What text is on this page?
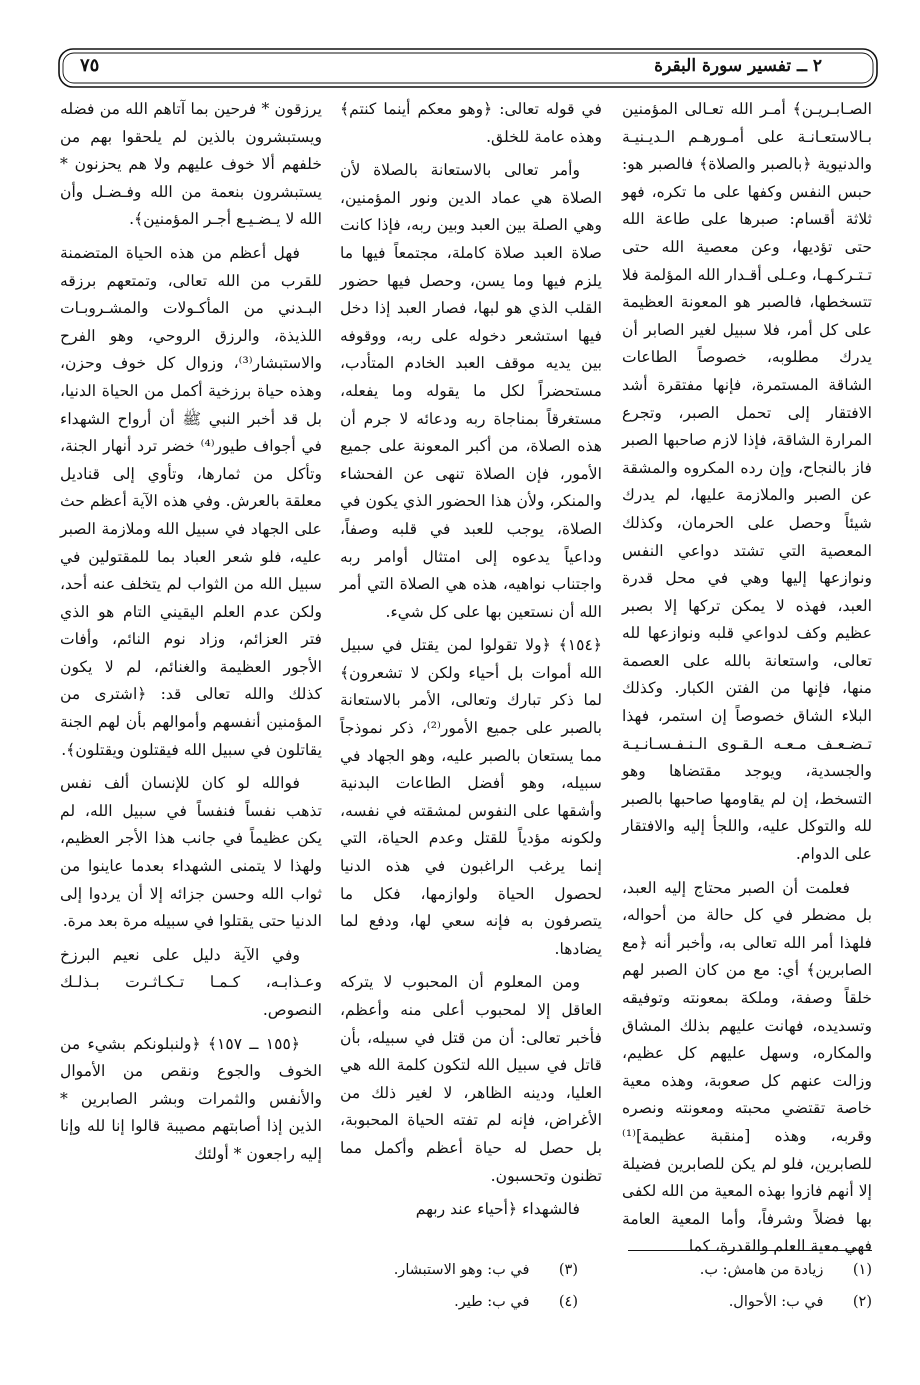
٢ ــ تفسير سورة البقرة
٧٥

الصـابـريـن﴾ أمـر الله تعـالى المؤمنين بـالاستعـانـة على أمـورهـم الـديـنيـة والدنيوية ﴿بالصبر والصلاة﴾ فالصبر هو: حبس النفس وكفها على ما تكره، فهو ثلاثة أقسام: صبرها على طاعة الله حتى تؤديها، وعن معصية الله حتى تـتـركـهـا، وعـلى أقـدار الله المؤلمة فلا تتسخطها، فالصبر هو المعونة العظيمة على كل أمر، فلا سبيل لغير الصابر أن يدرك مطلوبه، خصوصاً الطاعات الشاقة المستمرة، فإنها مفتقرة أشد الافتقار إلى تحمل الصبر، وتجرع المرارة الشاقة، فإذا لازم صاحبها الصبر فاز بالنجاح، وإن رده المكروه والمشقة عن الصبر والملازمة عليها، لم يدرك شيئاً وحصل على الحرمان، وكذلك المعصية التي تشتد دواعي النفس ونوازعها إليها وهي في محل قدرة العبد، فهذه لا يمكن تركها إلا بصبر عظيم وكف لدواعي قلبه ونوازعها لله تعالى، واستعانة بالله على العصمة منها، فإنها من الفتن الكبار. وكذلك البلاء الشاق خصوصاً إن استمر، فهذا تـضـعـف مـعـه الـقـوى الـنـفـسـانـيـة والجسدية، ويوجد مقتضاها وهو التسخط، إن لم يقاومها صاحبها بالصبر لله والتوكل عليه، واللجأ إليه والافتقار على الدوام.

فعلمت أن الصبر محتاج إليه العبد، بل مضطر في كل حالة من أحواله، فلهذا أمر الله تعالى به، وأخبر أنه ﴿مع الصابرين﴾ أي: مع من كان الصبر لهم خلقاً وصفة، وملكة بمعونته وتوفيقه وتسديده، فهانت عليهم بذلك المشاق والمكاره، وسهل عليهم كل عظيم، وزالت عنهم كل صعوبة، وهذه معية خاصة تقتضي محبته ومعونته ونصره وقربه، وهذه [منقبة عظيمة]⁽¹⁾ للصابرين، فلو لم يكن للصابرين فضيلة إلا أنهم فازوا بهذه المعية من الله لكفى بها فضلاً وشرفاً، وأما المعية العامة فهي معية العلم والقدرة، كما

في قوله تعالى: ﴿وهو معكم أينما كنتم﴾ وهذه عامة للخلق.

وأمر تعالى بالاستعانة بالصلاة لأن الصلاة هي عماد الدين ونور المؤمنين، وهي الصلة بين العبد وبين ربه، فإذا كانت صلاة العبد صلاة كاملة، مجتمعاً فيها ما يلزم فيها وما يسن، وحصل فيها حضور القلب الذي هو لبها، فصار العبد إذا دخل فيها استشعر دخوله على ربه، ووقوفه بين يديه موقف العبد الخادم المتأدب، مستحضراً لكل ما يقوله وما يفعله، مستغرقاً بمناجاة ربه ودعائه لا جرم أن هذه الصلاة، من أكبر المعونة على جميع الأمور، فإن الصلاة تنهى عن الفحشاء والمنكر، ولأن هذا الحضور الذي يكون في الصلاة، يوجب للعبد في قلبه وصفاً، وداعياً يدعوه إلى امتثال أوامر ربه واجتناب نواهيه، هذه هي الصلاة التي أمر الله أن نستعين بها على كل شيء.

﴿١٥٤﴾ ﴿ولا تقولوا لمن يقتل في سبيل الله أموات بل أحياء ولكن لا تشعرون﴾ لما ذكر تبارك وتعالى، الأمر بالاستعانة بالصبر على جميع الأمور⁽²⁾، ذكر نموذجاً مما يستعان بالصبر عليه، وهو الجهاد في سبيله، وهو أفضل الطاعات البدنية وأشقها على النفوس لمشقته في نفسه، ولكونه مؤدياً للقتل وعدم الحياة، التي إنما يرغب الراغبون في هذه الدنيا لحصول الحياة ولوازمها، فكل ما يتصرفون به فإنه سعي لها، ودفع لما يضادها.

ومن المعلوم أن المحبوب لا يتركه العاقل إلا لمحبوب أعلى منه وأعظم، فأخبر تعالى: أن من قتل في سبيله، بأن قاتل في سبيل الله لتكون كلمة الله هي العليا، ودينه الظاهر، لا لغير ذلك من الأغراض، فإنه لم تفته الحياة المحبوبة، بل حصل له حياة أعظم وأكمل مما تظنون وتحسبون.

فالشهداء ﴿أحياء عند ربهم

يرزقون * فرحين بما آتاهم الله من فضله ويستبشرون بالذين لم يلحقوا بهم من خلفهم ألا خوف عليهم ولا هم يحزنون * يستبشرون بنعمة من الله وفـضـل وأن الله لا يـضـيـع أجـر المؤمنين﴾.

فهل أعظم من هذه الحياة المتضمنة للقرب من الله تعالى، وتمتعهم برزقه البـدني من المأكـولات والمشـروبـات اللذيذة، والرزق الروحي، وهو الفرح والاستبشار⁽³⁾، وزوال كل خوف وحزن، وهذه حياة برزخية أكمل من الحياة الدنيا، بل قد أخبر النبي ﷺ أن أرواح الشهداء في أجواف طيور⁽⁴⁾ خضر ترد أنهار الجنة، وتأكل من ثمارها، وتأوي إلى قناديل معلقة بالعرش. وفي هذه الآية أعظم حث على الجهاد في سبيل الله وملازمة الصبر عليه، فلو شعر العباد بما للمقتولين في سبيل الله من الثواب لم يتخلف عنه أحد، ولكن عدم العلم اليقيني التام هو الذي فتر العزائم، وزاد نوم النائم، وأفات الأجور العظيمة والغنائم، لم لا يكون كذلك والله تعالى قد: ﴿اشترى من المؤمنين أنفسهم وأموالهم بأن لهم الجنة يقاتلون في سبيل الله فيقتلون ويقتلون﴾.

فوالله لو كان للإنسان ألف نفس تذهب نفساً فنفساً في سبيل الله، لم يكن عظيماً في جانب هذا الأجر العظيم، ولهذا لا يتمنى الشهداء بعدما عاينوا من ثواب الله وحسن جزائه إلا أن يردوا إلى الدنيا حتى يقتلوا في سبيله مرة بعد مرة.

وفي الآية دليل على نعيم البرزخ وعـذابـه، كـمـا تـكـاثـرت بـذلـك النصوص.

﴿١٥٥ ــ ١٥٧﴾ ﴿ولنبلونكم بشيء من الخوف والجوع ونقص من الأموال والأنفس والثمرات وبشر الصابرين * الذين إذا أصابتهم مصيبة قالوا إنا لله وإنا إليه راجعون * أولئك

(١) زيادة من هامش: ب.
(٢) في ب: الأحوال.
(٣) في ب: وهو الاستبشار.
(٤) في ب: طير.
